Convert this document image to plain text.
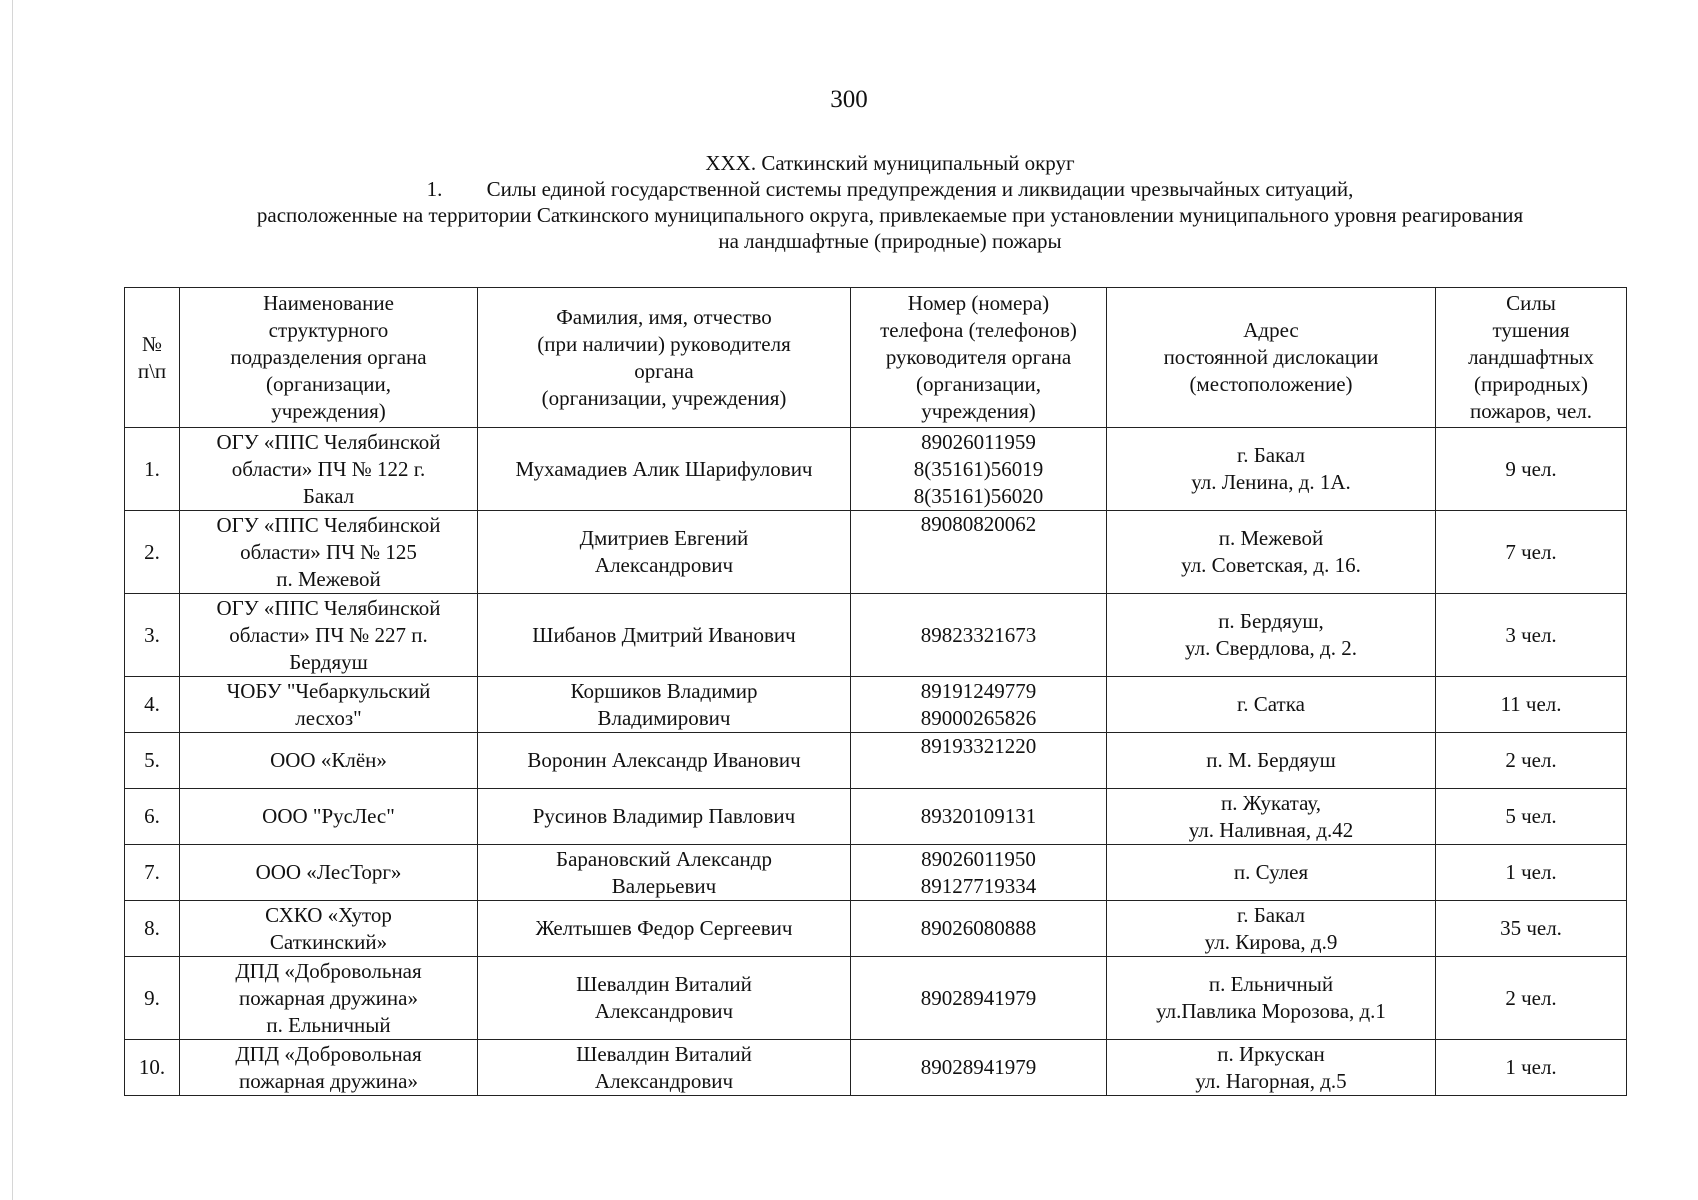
300
XXX. Саткинский муниципальный округ
1. Силы единой государственной системы предупреждения и ликвидации чрезвычайных ситуаций,
расположенные на территории Саткинского муниципального округа, привлекаемые при установлении муниципального уровня реагирования
на ландшафтные (природные) пожары
№
п\п	Наименование
структурного
подразделения органа
(организации,
учреждения)	Фамилия, имя, отчество
(при наличии) руководителя
органа
(организации, учреждения)	Номер (номера)
телефона (телефонов)
руководителя органа
(организации,
учреждения)	Адрес
постоянной дислокации
(местоположение)	Силы
тушения
ландшафтных
(природных)
пожаров, чел.
1.	ОГУ «ППС Челябинской
области» ПЧ № 122 г.
Бакал	Мухамадиев Алик Шарифулович	89026011959
8(35161)56019
8(35161)56020	г. Бакал
ул. Ленина, д. 1А.	9 чел.
2.	ОГУ «ППС Челябинской
области» ПЧ № 125
п. Межевой	Дмитриев Евгений
Александрович	89080820062	п. Межевой
ул. Советская, д. 16.	7 чел.
3.	ОГУ «ППС Челябинской
области» ПЧ № 227 п.
Бердяуш	Шибанов Дмитрий Иванович	89823321673	п. Бердяуш,
ул. Свердлова, д. 2.	3 чел.
4.	ЧОБУ "Чебаркульский
лесхоз"	Коршиков Владимир
Владимирович	89191249779
89000265826	г. Сатка	11 чел.
5.	ООО «Клён»	Воронин Александр Иванович	89193321220	п. М. Бердяуш	2 чел.
6.	ООО "РусЛес"	Русинов Владимир Павлович	89320109131	п. Жукатау,
ул. Наливная, д.42	5 чел.
7.	ООО «ЛесТорг»	Барановский Александр
Валерьевич	89026011950
89127719334	п. Сулея	1 чел.
8.	СХКО «Хутор
Саткинский»	Желтышев Федор Сергеевич	89026080888	г. Бакал
ул. Кирова, д.9	35 чел.
9.	ДПД «Добровольная
пожарная дружина»
п. Ельничный	Шевалдин Виталий
Александрович	89028941979	п. Ельничный
ул.Павлика Морозова, д.1	2 чел.
10.	ДПД «Добровольная
пожарная дружина»	Шевалдин Виталий
Александрович	89028941979	п. Иркускан
ул. Нагорная, д.5	1 чел.
